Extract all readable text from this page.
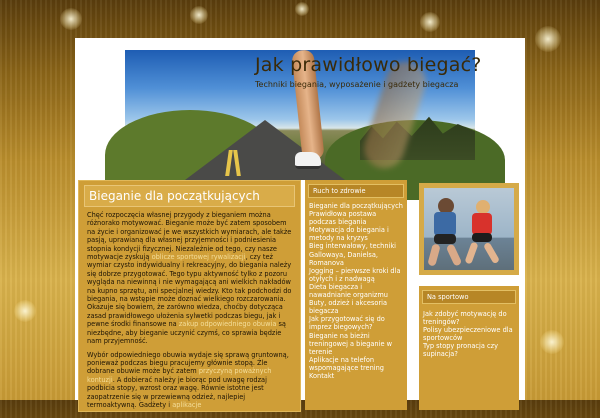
Jak prawidłowo biegać?
Techniki biegania, wyposażenie i gadżety biegacza
Bieganie dla początkujących

Chęć rozpoczęcia własnej przygody z bieganiem można różnorako motywować. Bieganie może być zatem sposobem na życie i organizować je we wszystkich wymiarach, ale także pasją, uprawianą dla własnej przyjemności i podniesienia stopnia kondycji fizycznej. Niezależnie od tego, czy nasze motywacje zyskują oblicze sportowej rywalizacji, czy też wymiar czysto indywidualny i rekreacyjny, do biegania należy się dobrze przygotować. Tego typu aktywność tylko z pozoru wygląda na niewinną i nie wymagającą ani wielkich nakładów na kupno sprzętu, ani specjalnej wiedzy. Kto tak podchodzi do biegania, na wstępie może doznać wielkiego rozczarowania. Okazuje się bowiem, że zarówno wiedza, choćby dotycząca zasad prawidłowego ułożenia sylwetki podczas biegu, jak i pewne środki finansowe na zakup odpowiedniego obuwia są niezbędne, aby bieganie uczynić czymś, co sprawia będzie nam przyjemność.

Wybór odpowiedniego obuwia wydaje się sprawą gruntowną, ponieważ podczas biegu pracujemy głównie stopą. Źle dobrane obuwie może być zatem przyczyną poważnych kontuzji. A dobierać należy je biorąc pod uwagę rodzaj podbicia stopy, wzrost oraz wagę. Równie istotne jest zaopatrzenie się w przewiewną odzież, najlepiej termoaktywną. Gadżety i aplikacje

Ruch to zdrowie
Bieganie dla początkujących
Prawidłowa postawa podczas biegania
Motywacja do biegania i metody na kryzys
Bieg interwałowy, techniki Gallowaya, Danielsa, Romanova
Jogging – pierwsze kroki dla otyłych i z nadwagą
Dieta biegacza i nawadnianie organizmu
Buty, odzież i akcesoria biegacza
Jak przygotować się do imprez biegowych?
Bieganie na bieżni treningowej a bieganie w terenie
Aplikacje na telefon wspomagające trening
Kontakt
Na sportowo
Jak zdobyć motywację do treningów?
Polisy ubezpieczeniowe dla sportowców
Typ stopy pronacja czy supinacja?
